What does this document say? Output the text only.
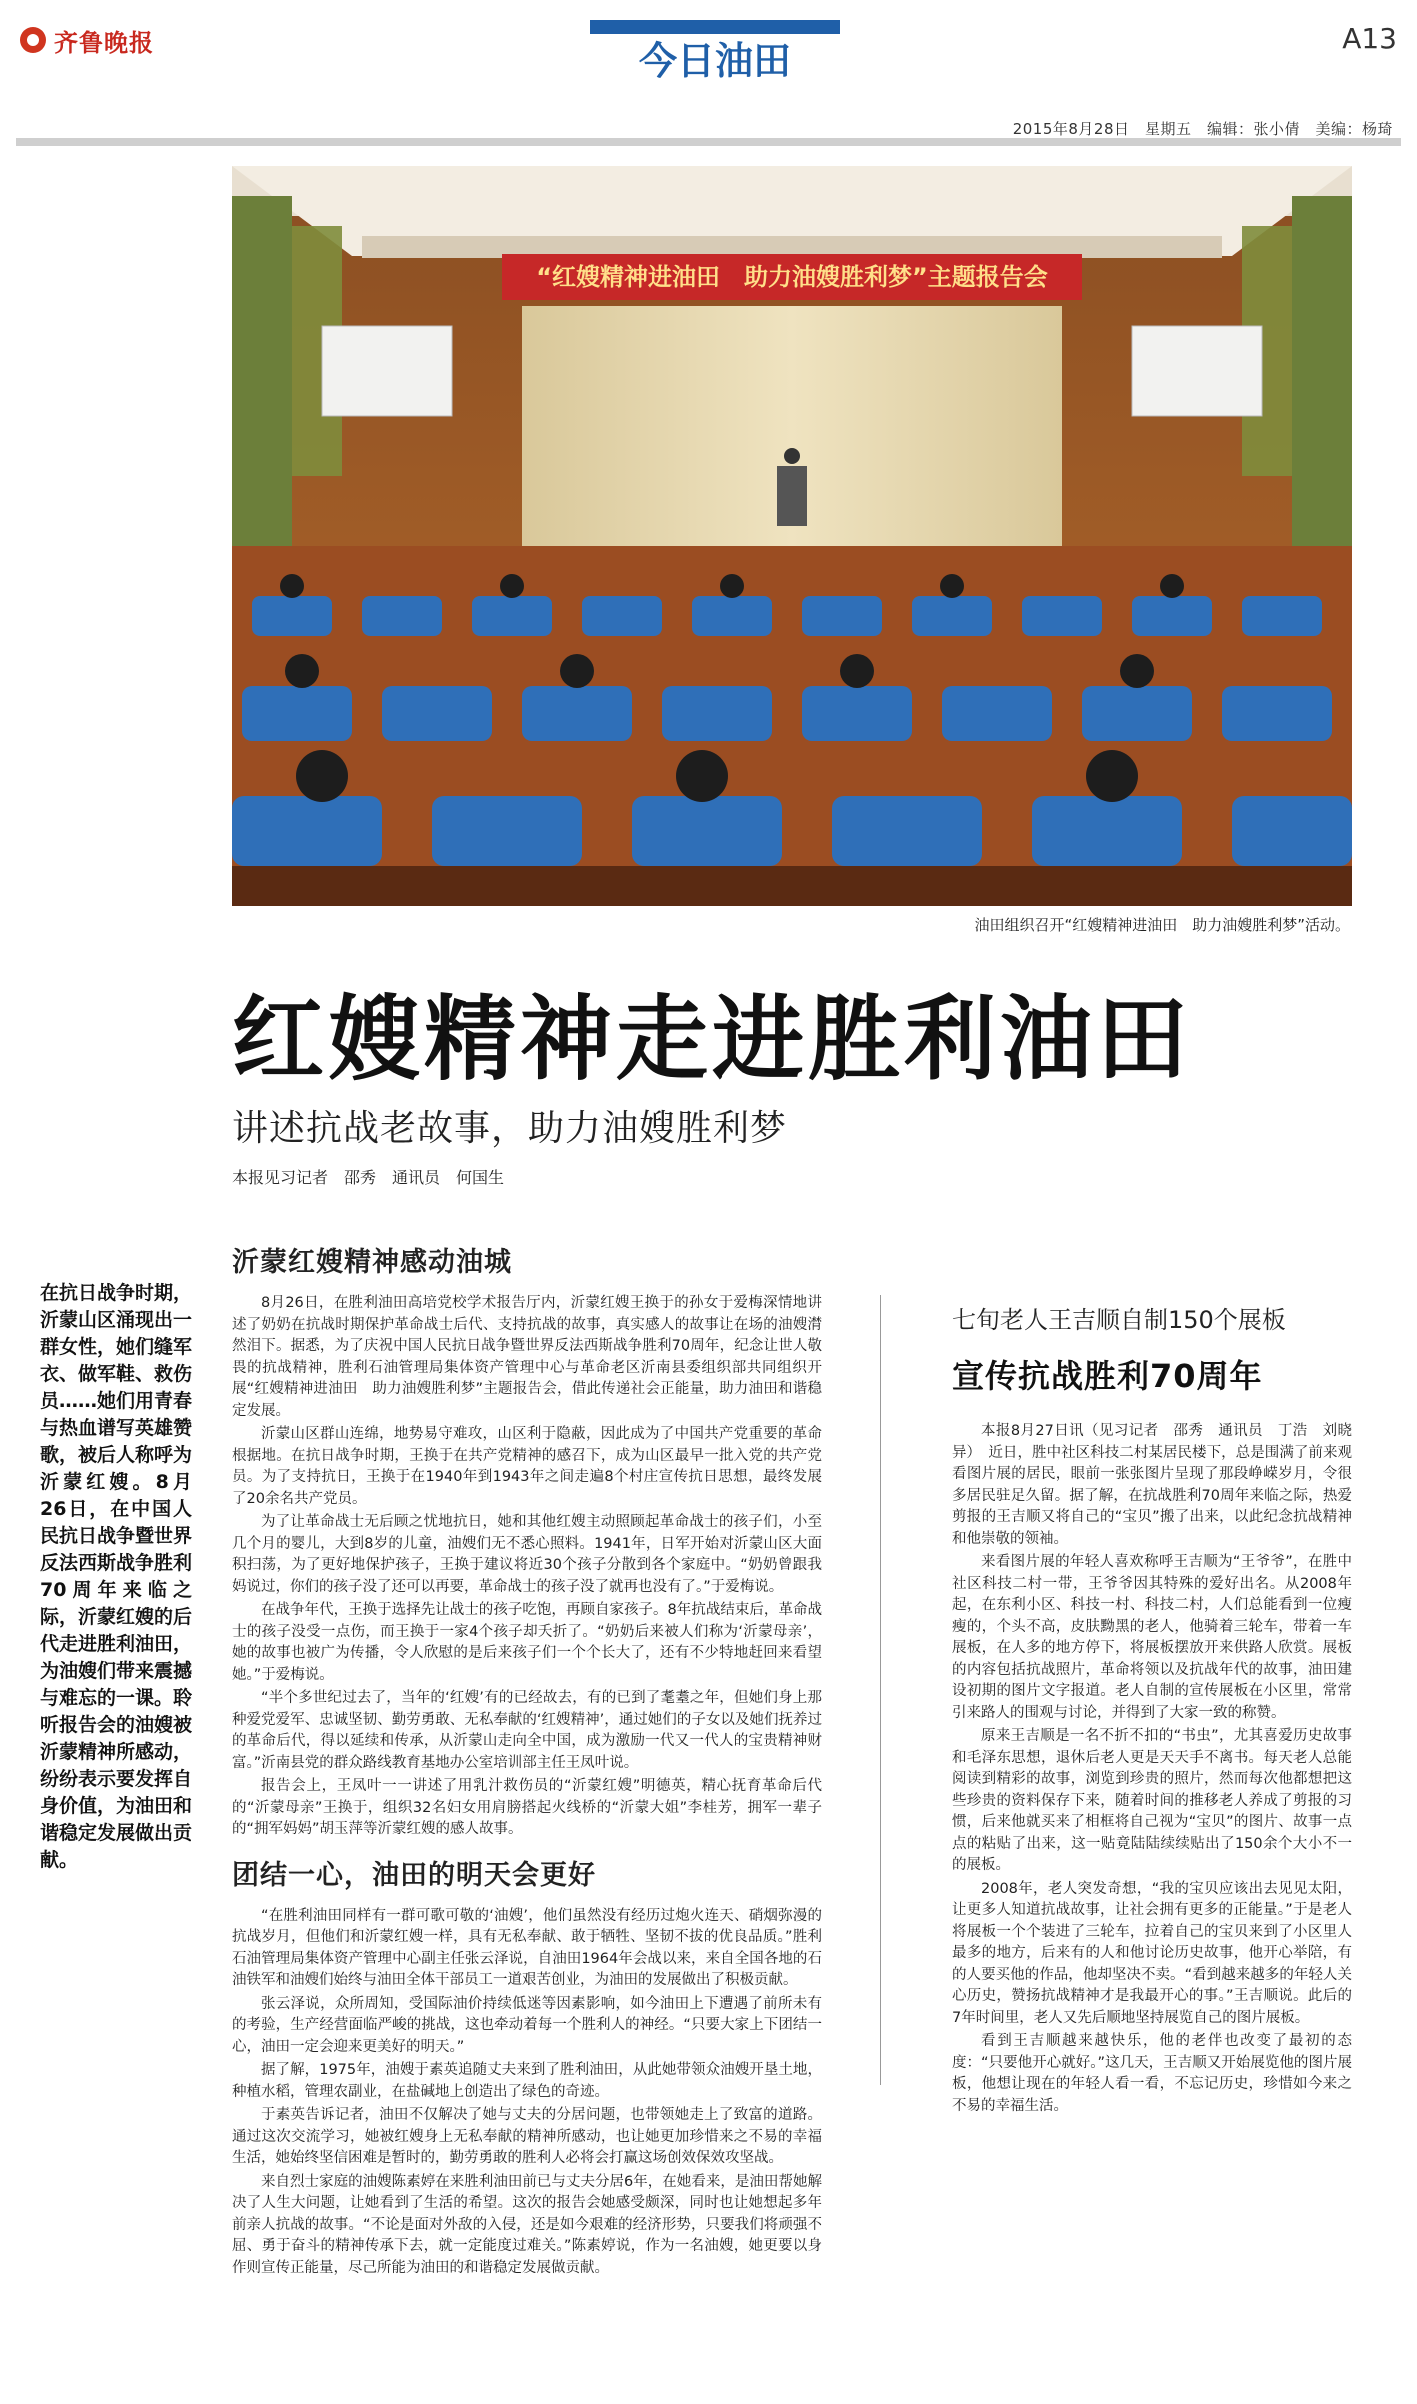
齐鲁晚报	今日油田
A13
2015年8月28日　星期五　编辑：张小倩　美编：杨琦
“红嫂精神进油田　助力油嫂胜利梦”主题报告会
油田组织召开“红嫂精神进油田　助力油嫂胜利梦”活动。
红嫂精神走进胜利油田
讲述抗战老故事，助力油嫂胜利梦
本报见习记者　邵秀　通讯员　何国生
在抗日战争时期，沂蒙山区涌现出一群女性，她们缝军衣、做军鞋、救伤员……她们用青春与热血谱写英雄赞歌，被后人称呼为沂蒙红嫂。8月26日，在中国人民抗日战争暨世界反法西斯战争胜利70周年来临之际，沂蒙红嫂的后代走进胜利油田，为油嫂们带来震撼与难忘的一课。聆听报告会的油嫂被沂蒙精神所感动，纷纷表示要发挥自身价值，为油田和谐稳定发展做出贡献。
沂蒙红嫂精神感动油城

8月26日，在胜利油田高培党校学术报告厅内，沂蒙红嫂王换于的孙女于爱梅深情地讲述了奶奶在抗战时期保护革命战士后代、支持抗战的故事，真实感人的故事让在场的油嫂潸然泪下。据悉，为了庆祝中国人民抗日战争暨世界反法西斯战争胜利70周年，纪念让世人敬畏的抗战精神，胜利石油管理局集体资产管理中心与革命老区沂南县委组织部共同组织开展“红嫂精神进油田　助力油嫂胜利梦”主题报告会，借此传递社会正能量，助力油田和谐稳定发展。

沂蒙山区群山连绵，地势易守难攻，山区利于隐蔽，因此成为了中国共产党重要的革命根据地。在抗日战争时期，王换于在共产党精神的感召下，成为山区最早一批入党的共产党员。为了支持抗日，王换于在1940年到1943年之间走遍8个村庄宣传抗日思想，最终发展了20余名共产党员。

为了让革命战士无后顾之忧地抗日，她和其他红嫂主动照顾起革命战士的孩子们，小至几个月的婴儿，大到8岁的儿童，油嫂们无不悉心照料。1941年，日军开始对沂蒙山区大面积扫荡，为了更好地保护孩子，王换于建议将近30个孩子分散到各个家庭中。“奶奶曾跟我妈说过，你们的孩子没了还可以再要，革命战士的孩子没了就再也没有了。”于爱梅说。

在战争年代，王换于选择先让战士的孩子吃饱，再顾自家孩子。8年抗战结束后，革命战士的孩子没受一点伤，而王换于一家4个孩子却夭折了。“奶奶后来被人们称为‘沂蒙母亲’，她的故事也被广为传播，令人欣慰的是后来孩子们一个个长大了，还有不少特地赶回来看望她。”于爱梅说。

“半个多世纪过去了，当年的‘红嫂’有的已经故去，有的已到了耄耋之年，但她们身上那种爱党爱军、忠诚坚韧、勤劳勇敢、无私奉献的‘红嫂精神’，通过她们的子女以及她们抚养过的革命后代，得以延续和传承，从沂蒙山走向全中国，成为激励一代又一代人的宝贵精神财富。”沂南县党的群众路线教育基地办公室培训部主任王凤叶说。

报告会上，王凤叶一一讲述了用乳汁救伤员的“沂蒙红嫂”明德英，精心抚育革命后代的“沂蒙母亲”王换于，组织32名妇女用肩膀搭起火线桥的“沂蒙大姐”李桂芳，拥军一辈子的“拥军妈妈”胡玉萍等沂蒙红嫂的感人故事。

团结一心，油田的明天会更好

“在胜利油田同样有一群可歌可敬的‘油嫂’，他们虽然没有经历过炮火连天、硝烟弥漫的抗战岁月，但他们和沂蒙红嫂一样，具有无私奉献、敢于牺牲、坚韧不拔的优良品质。”胜利石油管理局集体资产管理中心副主任张云泽说，自油田1964年会战以来，来自全国各地的石油铁军和油嫂们始终与油田全体干部员工一道艰苦创业，为油田的发展做出了积极贡献。

张云泽说，众所周知，受国际油价持续低迷等因素影响，如今油田上下遭遇了前所未有的考验，生产经营面临严峻的挑战，这也牵动着每一个胜利人的神经。“只要大家上下团结一心，油田一定会迎来更美好的明天。”

据了解，1975年，油嫂于素英追随丈夫来到了胜利油田，从此她带领众油嫂开垦土地，种植水稻，管理农副业，在盐碱地上创造出了绿色的奇迹。

于素英告诉记者，油田不仅解决了她与丈夫的分居问题，也带领她走上了致富的道路。通过这次交流学习，她被红嫂身上无私奉献的精神所感动，也让她更加珍惜来之不易的幸福生活，她始终坚信困难是暂时的，勤劳勇敢的胜利人必将会打赢这场创效保效攻坚战。

来自烈士家庭的油嫂陈素婷在来胜利油田前已与丈夫分居6年，在她看来，是油田帮她解决了人生大问题，让她看到了生活的希望。这次的报告会她感受颇深，同时也让她想起多年前亲人抗战的故事。“不论是面对外敌的入侵，还是如今艰难的经济形势，只要我们将顽强不屈、勇于奋斗的精神传承下去，就一定能度过难关。”陈素婷说，作为一名油嫂，她更要以身作则宣传正能量，尽己所能为油田的和谐稳定发展做贡献。

七旬老人王吉顺自制150个展板
宣传抗战胜利70周年

本报8月27日讯（见习记者　邵秀　通讯员　丁浩　刘晓异）　近日，胜中社区科技二村某居民楼下，总是围满了前来观看图片展的居民，眼前一张张图片呈现了那段峥嵘岁月，令很多居民驻足久留。据了解，在抗战胜利70周年来临之际，热爱剪报的王吉顺又将自己的“宝贝”搬了出来，以此纪念抗战精神和他崇敬的领袖。

来看图片展的年轻人喜欢称呼王吉顺为“王爷爷”，在胜中社区科技二村一带，王爷爷因其特殊的爱好出名。从2008年起，在东利小区、科技一村、科技二村，人们总能看到一位瘦瘦的，个头不高，皮肤黝黑的老人，他骑着三轮车，带着一车展板，在人多的地方停下，将展板摆放开来供路人欣赏。展板的内容包括抗战照片，革命将领以及抗战年代的故事，油田建设初期的图片文字报道。老人自制的宣传展板在小区里，常常引来路人的围观与讨论，并得到了大家一致的称赞。

原来王吉顺是一名不折不扣的“书虫”，尤其喜爱历史故事和毛泽东思想，退休后老人更是天天手不离书。每天老人总能阅读到精彩的故事，浏览到珍贵的照片，然而每次他都想把这些珍贵的资料保存下来，随着时间的推移老人养成了剪报的习惯，后来他就买来了相框将自己视为“宝贝”的图片、故事一点点的粘贴了出来，这一贴竟陆陆续续贴出了150余个大小不一的展板。

2008年，老人突发奇想，“我的宝贝应该出去见见太阳，让更多人知道抗战故事，让社会拥有更多的正能量。”于是老人将展板一个个装进了三轮车，拉着自己的宝贝来到了小区里人最多的地方，后来有的人和他讨论历史故事，他开心举陪，有的人要买他的作品，他却坚决不卖。“看到越来越多的年轻人关心历史，赞扬抗战精神才是我最开心的事。”王吉顺说。此后的7年时间里，老人又先后顺地坚持展览自己的图片展板。

看到王吉顺越来越快乐，他的老伴也改变了最初的态度：“只要他开心就好。”这几天，王吉顺又开始展览他的图片展板，他想让现在的年轻人看一看，不忘记历史，珍惜如今来之不易的幸福生活。
